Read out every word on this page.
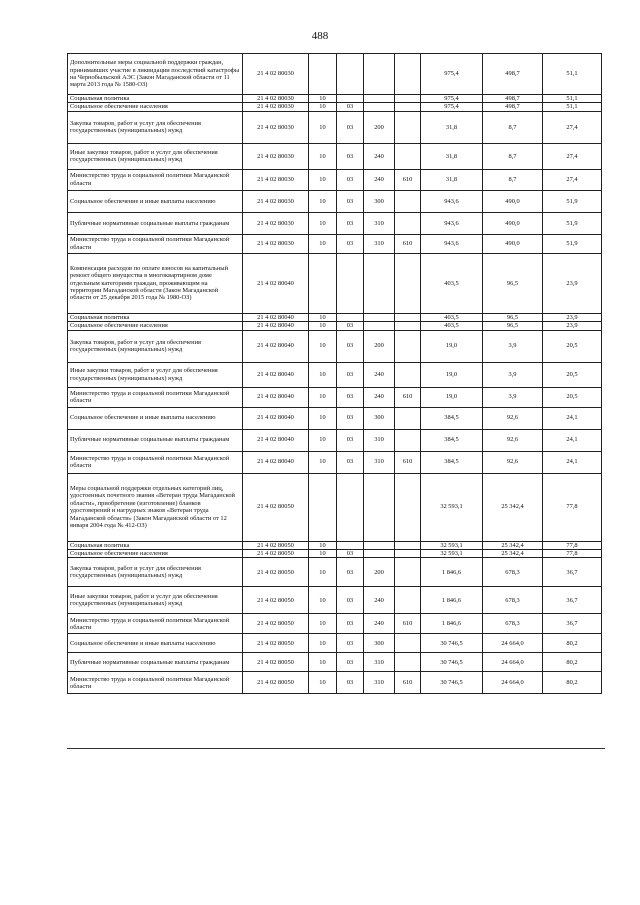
488
Дополнительные меры социальной поддержки граждан, принимавших участие в ликвидации последствий катастрофы на Чернобыльской АЭС (Закон Магаданской области от 11 марта 2013 года № 1580-ОЗ)	21 4 02 80030					975,4	498,7	51,1
Социальная политика	21 4 02 80030	10				975,4	498,7	51,1
Социальное обеспечение населения	21 4 02 80030	10	03			975,4	498,7	51,1
Закупка товаров, работ и услуг для обеспечения государственных (муниципальных) нужд	21 4 02 80030	10	03	200		31,8	8,7	27,4
Иные закупки товаров, работ и услуг для обеспечения государственных (муниципальных) нужд	21 4 02 80030	10	03	240		31,8	8,7	27,4
Министерство труда и социальной политики Магаданской области	21 4 02 80030	10	03	240	610	31,8	8,7	27,4
Социальное обеспечение и иные выплаты населению	21 4 02 80030	10	03	300		943,6	490,0	51,9
Публичные нормативные социальные выплаты гражданам	21 4 02 80030	10	03	310		943,6	490,0	51,9
Министерство труда и социальной политики Магаданской области	21 4 02 80030	10	03	310	610	943,6	490,0	51,9
Компенсация расходов по оплате взносов на капитальный ремонт общего имущества в многоквартирном доме отдельным категориям граждан, проживающим на территории Магаданской области (Закон Магаданской области от 25 декабря 2015 года № 1980-ОЗ)	21 4 02 80040					403,5	96,5	23,9
Социальная политика	21 4 02 80040	10				403,5	96,5	23,9
Социальное обеспечение населения	21 4 02 80040	10	03			403,5	96,5	23,9
Закупка товаров, работ и услуг для обеспечения государственных (муниципальных) нужд	21 4 02 80040	10	03	200		19,0	3,9	20,5
Иные закупки товаров, работ и услуг для обеспечения государственных (муниципальных) нужд	21 4 02 80040	10	03	240		19,0	3,9	20,5
Министерство труда и социальной политики Магаданской области	21 4 02 80040	10	03	240	610	19,0	3,9	20,5
Социальное обеспечение и иные выплаты населению	21 4 02 80040	10	03	300		384,5	92,6	24,1
Публичные нормативные социальные выплаты гражданам	21 4 02 80040	10	03	310		384,5	92,6	24,1
Министерство труда и социальной политики Магаданской области	21 4 02 80040	10	03	310	610	384,5	92,6	24,1
Меры социальной поддержки отдельных категорий лиц, удостоенных почетного звания «Ветеран труда Магаданской области», приобретение (изготовление) бланков удостоверений и нагрудных знаков «Ветеран труда Магаданской области» (Закон Магаданской области от 12 января 2004 года № 412-ОЗ)	21 4 02 80050					32 593,1	25 342,4	77,8
Социальная политика	21 4 02 80050	10				32 593,1	25 342,4	77,8
Социальное обеспечение населения	21 4 02 80050	10	03			32 593,1	25 342,4	77,8
Закупка товаров, работ и услуг для обеспечения государственных (муниципальных) нужд	21 4 02 80050	10	03	200		1 846,6	678,3	36,7
Иные закупки товаров, работ и услуг для обеспечения государственных (муниципальных) нужд	21 4 02 80050	10	03	240		1 846,6	678,3	36,7
Министерство труда и социальной политики Магаданской области	21 4 02 80050	10	03	240	610	1 846,6	678,3	36,7
Социальное обеспечение и иные выплаты населению	21 4 02 80050	10	03	300		30 746,5	24 664,0	80,2
Публичные нормативные социальные выплаты гражданам	21 4 02 80050	10	03	310		30 746,5	24 664,0	80,2
Министерство труда и социальной политики Магаданской области	21 4 02 80050	10	03	310	610	30 746,5	24 664,0	80,2
